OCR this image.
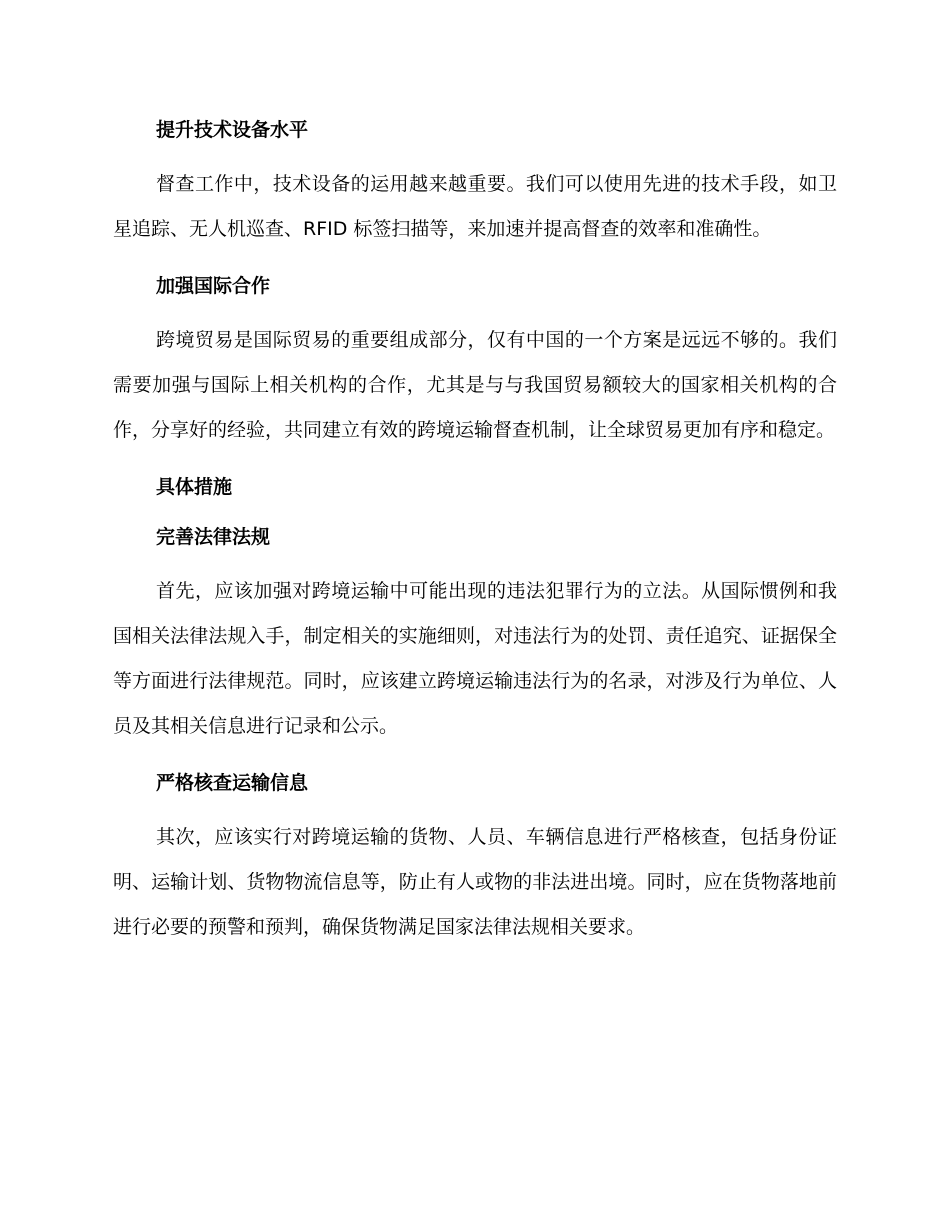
提升技术设备水平

督查工作中，技术设备的运用越来越重要。我们可以使用先进的技术手段，如卫星追踪、无人机巡查、RFID 标签扫描等，来加速并提高督查的效率和准确性。

加强国际合作

跨境贸易是国际贸易的重要组成部分，仅有中国的一个方案是远远不够的。我们需要加强与国际上相关机构的合作，尤其是与与我国贸易额较大的国家相关机构的合作，分享好的经验，共同建立有效的跨境运输督查机制，让全球贸易更加有序和稳定。

具体措施
完善法律法规

首先，应该加强对跨境运输中可能出现的违法犯罪行为的立法。从国际惯例和我国相关法律法规入手，制定相关的实施细则，对违法行为的处罚、责任追究、证据保全等方面进行法律规范。同时，应该建立跨境运输违法行为的名录，对涉及行为单位、人员及其相关信息进行记录和公示。

严格核查运输信息

其次，应该实行对跨境运输的货物、人员、车辆信息进行严格核查，包括身份证明、运输计划、货物物流信息等，防止有人或物的非法进出境。同时，应在货物落地前进行必要的预警和预判，确保货物满足国家法律法规相关要求。
